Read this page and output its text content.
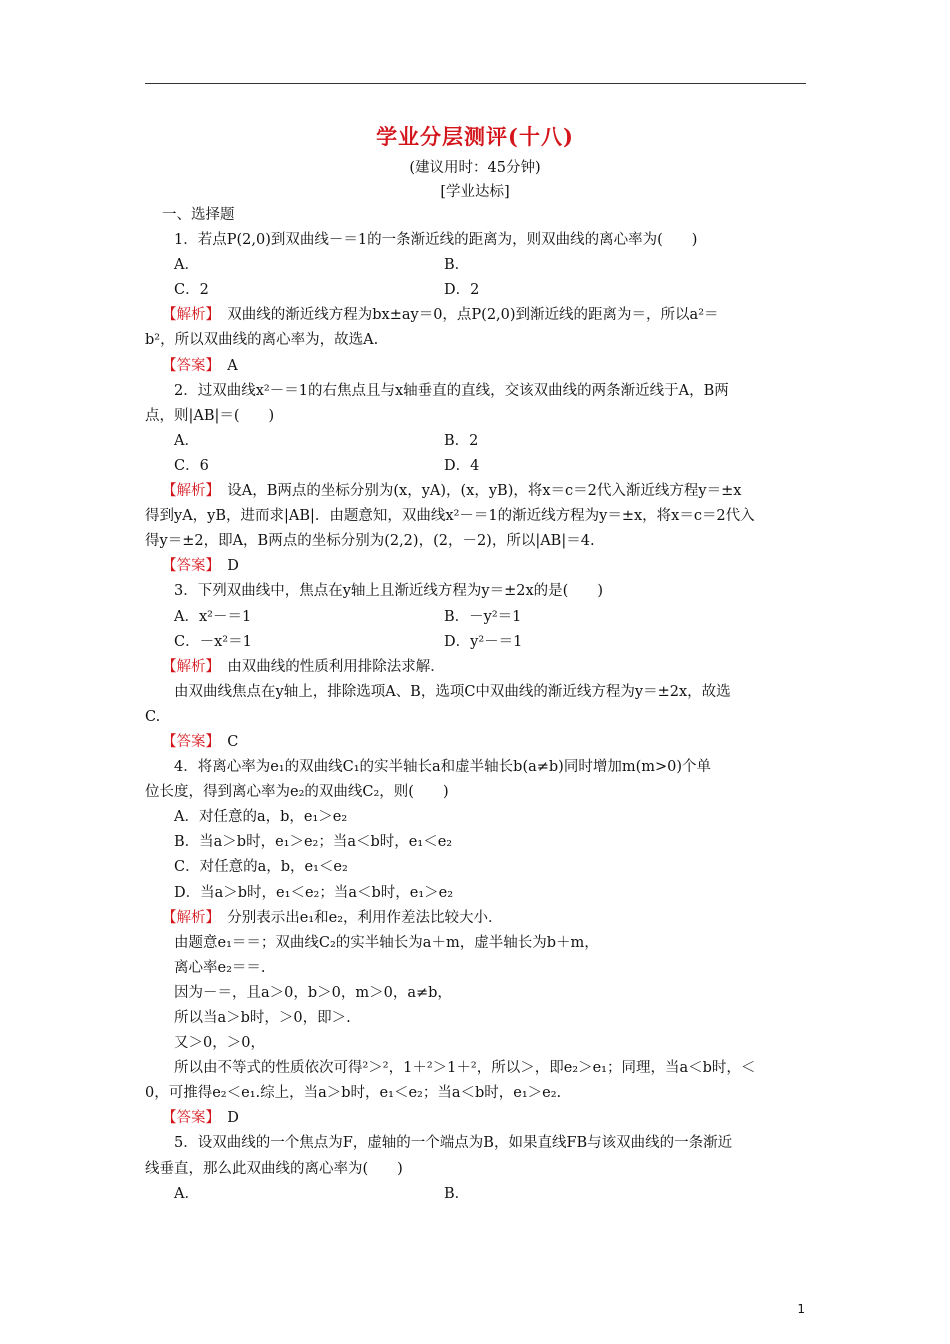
学业分层测评(十八)
(建议用时：45分钟)
[学业达标]
一、选择题
1．若点P(2,0)到双曲线－＝1的一条渐近线的距离为，则双曲线的离心率为(　　)
A．	B．
C．2	D．2
【解析】　双曲线的渐近线方程为bx±ay＝0，点P(2,0)到渐近线的距离为＝，所以a²＝
b²，所以双曲线的离心率为，故选A.
【答案】　A
2．过双曲线x²－＝1的右焦点且与x轴垂直的直线，交该双曲线的两条渐近线于A，B两
点，则|AB|＝(　　)
A．	B．2
C．6	D．4
【解析】　设A，B两点的坐标分别为(x，yA)，(x，yB)，将x＝c＝2代入渐近线方程y＝±x
得到yA，yB，进而求|AB|．由题意知，双曲线x²－＝1的渐近线方程为y＝±x，将x＝c＝2代入
得y＝±2，即A，B两点的坐标分别为(2,2)，(2，－2)，所以|AB|＝4.
【答案】　D
3．下列双曲线中，焦点在y轴上且渐近线方程为y＝±2x的是(　　)
A．x²－＝1	B．－y²＝1
C．－x²＝1	D．y²－＝1
【解析】　由双曲线的性质利用排除法求解．
由双曲线焦点在y轴上，排除选项A、B，选项C中双曲线的渐近线方程为y＝±2x，故选
C.
【答案】　C
4．将离心率为e₁的双曲线C₁的实半轴长a和虚半轴长b(a≠b)同时增加m(m>0)个单
位长度，得到离心率为e₂的双曲线C₂，则(　　)
A．对任意的a，b，e₁＞e₂
B．当a＞b时，e₁＞e₂；当a＜b时，e₁＜e₂
C．对任意的a，b，e₁＜e₂
D．当a＞b时，e₁＜e₂；当a＜b时，e₁＞e₂
【解析】　分别表示出e₁和e₂，利用作差法比较大小．
由题意e₁＝＝；双曲线C₂的实半轴长为a＋m，虚半轴长为b＋m，
离心率e₂＝＝.
因为－＝，且a＞0，b＞0，m＞0，a≠b，
所以当a＞b时，＞0，即＞.
又＞0，＞0，
所以由不等式的性质依次可得²＞²，1＋²＞1＋²，所以＞，即e₂＞e₁；同理，当a＜b时，＜
0，可推得e₂＜e₁.综上，当a＞b时，e₁＜e₂；当a＜b时，e₁＞e₂.
【答案】　D
5．设双曲线的一个焦点为F，虚轴的一个端点为B，如果直线FB与该双曲线的一条渐近
线垂直，那么此双曲线的离心率为(　　)
A．	B．
1
